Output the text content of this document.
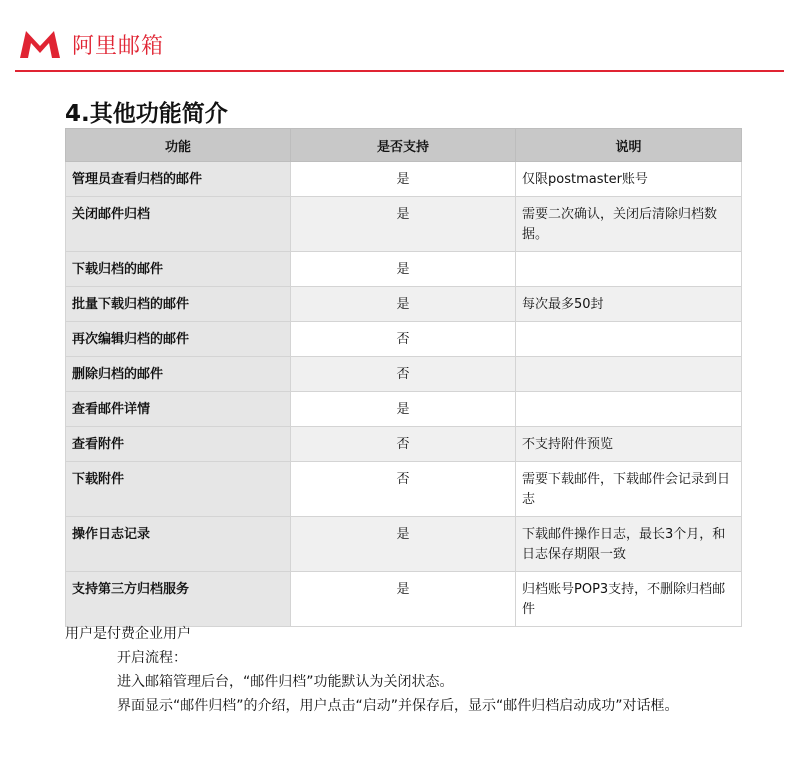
阿里邮箱
4.其他功能简介
功能	是否支持	说明
管理员查看归档的邮件	是	仅限postmaster账号
关闭邮件归档	是	需要二次确认，关闭后清除归档数据。
下载归档的邮件	是	
批量下载归档的邮件	是	每次最多50封
再次编辑归档的邮件	否	
删除归档的邮件	否	
查看邮件详情	是	
查看附件	否	不支持附件预览
下载附件	否	需要下载邮件，下载邮件会记录到日志
操作日志记录	是	下载邮件操作日志，最长3个月，和日志保存期限一致
支持第三方归档服务	是	归档账号POP3支持，不删除归档邮件
用户是付费企业用户
开启流程：
进入邮箱管理后台，“邮件归档”功能默认为关闭状态。
界面显示“邮件归档”的介绍，用户点击“启动”并保存后，显示“邮件归档启动成功”对话框。
